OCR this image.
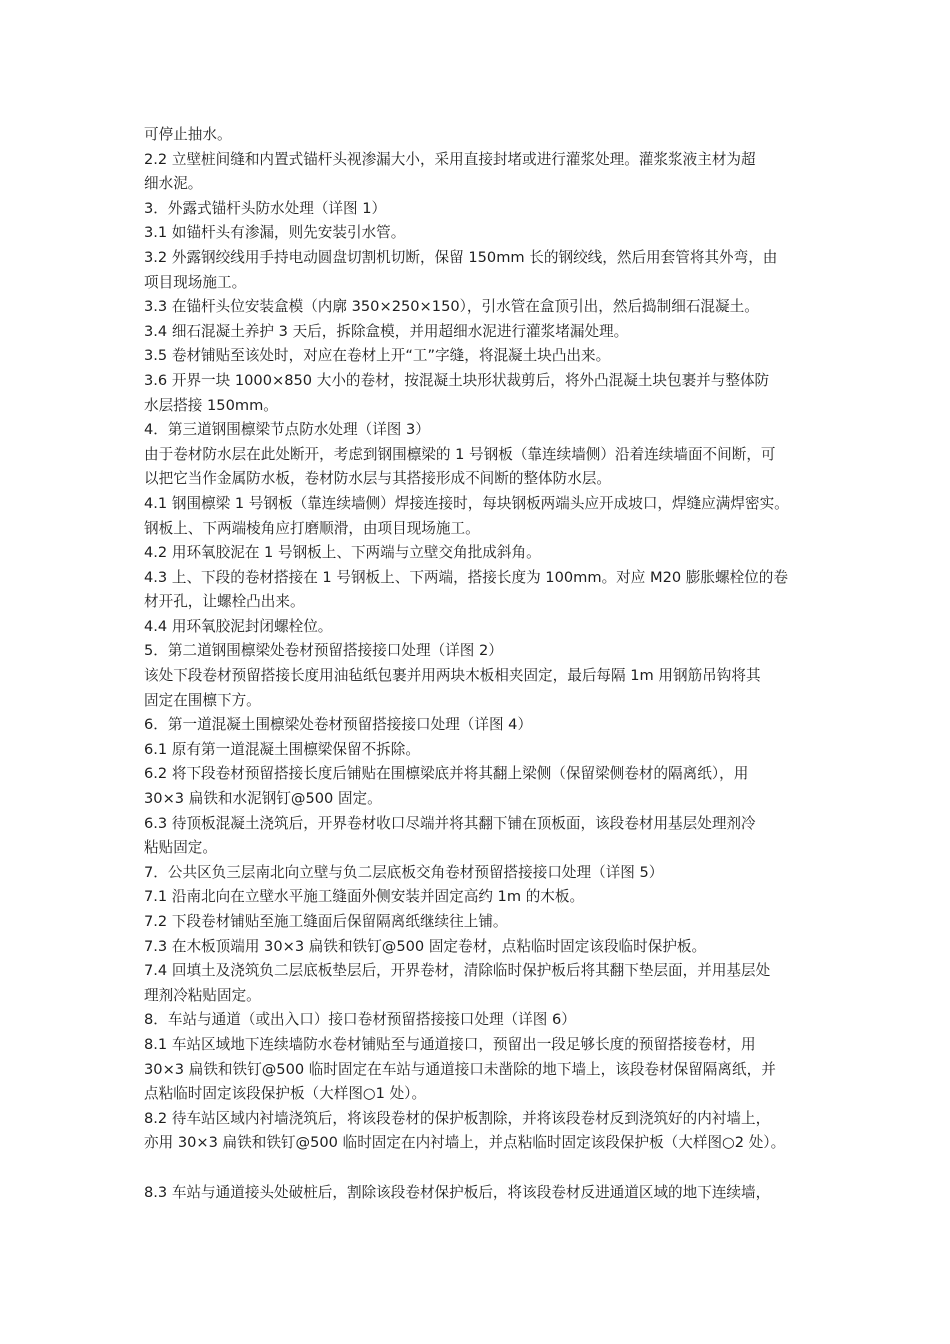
可停止抽水。
2.2 立壁桩间缝和内置式锚杆头视渗漏大小，采用直接封堵或进行灌浆处理。灌浆浆液主材为超
细水泥。
3．外露式锚杆头防水处理（详图 1）
3.1 如锚杆头有渗漏，则先安装引水管。
3.2 外露钢绞线用手持电动圆盘切割机切断，保留 150mm 长的钢绞线，然后用套管将其外弯，由
项目现场施工。
3.3 在锚杆头位安装盒模（内廓 350×250×150），引水管在盒顶引出，然后捣制细石混凝土。
3.4 细石混凝土养护 3 天后，拆除盒模，并用超细水泥进行灌浆堵漏处理。
3.5 卷材铺贴至该处时，对应在卷材上开“工”字缝，将混凝土块凸出来。
3.6 开界一块 1000×850 大小的卷材，按混凝土块形状裁剪后，将外凸混凝土块包裹并与整体防
水层搭接 150mm。
4．第三道钢围檩梁节点防水处理（详图 3）
由于卷材防水层在此处断开，考虑到钢围檩梁的 1 号钢板（靠连续墙侧）沿着连续墙面不间断，可
以把它当作金属防水板，卷材防水层与其搭接形成不间断的整体防水层。
4.1 钢围檩梁 1 号钢板（靠连续墙侧）焊接连接时，每块钢板两端头应开成坡口，焊缝应满焊密实。
钢板上、下两端棱角应打磨顺滑，由项目现场施工。
4.2 用环氧胶泥在 1 号钢板上、下两端与立壁交角批成斜角。
4.3 上、下段的卷材搭接在 1 号钢板上、下两端，搭接长度为 100mm。对应 M20 膨胀螺栓位的卷
材开孔，让螺栓凸出来。
4.4 用环氧胶泥封闭螺栓位。
5．第二道钢围檩梁处卷材预留搭接接口处理（详图 2）
该处下段卷材预留搭接长度用油毡纸包裹并用两块木板相夹固定，最后每隔 1m 用钢筋吊钩将其
固定在围檩下方。
6．第一道混凝土围檩梁处卷材预留搭接接口处理（详图 4）
6.1 原有第一道混凝土围檩梁保留不拆除。
6.2 将下段卷材预留搭接长度后铺贴在围檩梁底并将其翻上梁侧（保留梁侧卷材的隔离纸），用
30×3 扁铁和水泥钢钉@500 固定。
6.3 待顶板混凝土浇筑后，开界卷材收口尽端并将其翻下铺在顶板面，该段卷材用基层处理剂冷
粘贴固定。
7．公共区负三层南北向立壁与负二层底板交角卷材预留搭接接口处理（详图 5）
7.1 沿南北向在立壁水平施工缝面外侧安装并固定高约 1m 的木板。
7.2 下段卷材铺贴至施工缝面后保留隔离纸继续往上铺。
7.3 在木板顶端用 30×3 扁铁和铁钉@500 固定卷材，点粘临时固定该段临时保护板。
7.4 回填土及浇筑负二层底板垫层后，开界卷材，清除临时保护板后将其翻下垫层面，并用基层处
理剂冷粘贴固定。
8．车站与通道（或出入口）接口卷材预留搭接接口处理（详图 6）
8.1 车站区域地下连续墙防水卷材铺贴至与通道接口，预留出一段足够长度的预留搭接卷材，用
30×3 扁铁和铁钉@500 临时固定在车站与通道接口未凿除的地下墙上，该段卷材保留隔离纸，并
点粘临时固定该段保护板（大样图○1 处）。
8.2 待车站区域内衬墙浇筑后，将该段卷材的保护板割除，并将该段卷材反到浇筑好的内衬墙上，
亦用 30×3 扁铁和铁钉@500 临时固定在内衬墙上，并点粘临时固定该段保护板（大样图○2 处）。
8.3 车站与通道接头处破桩后，割除该段卷材保护板后，将该段卷材反进通道区域的地下连续墙，
